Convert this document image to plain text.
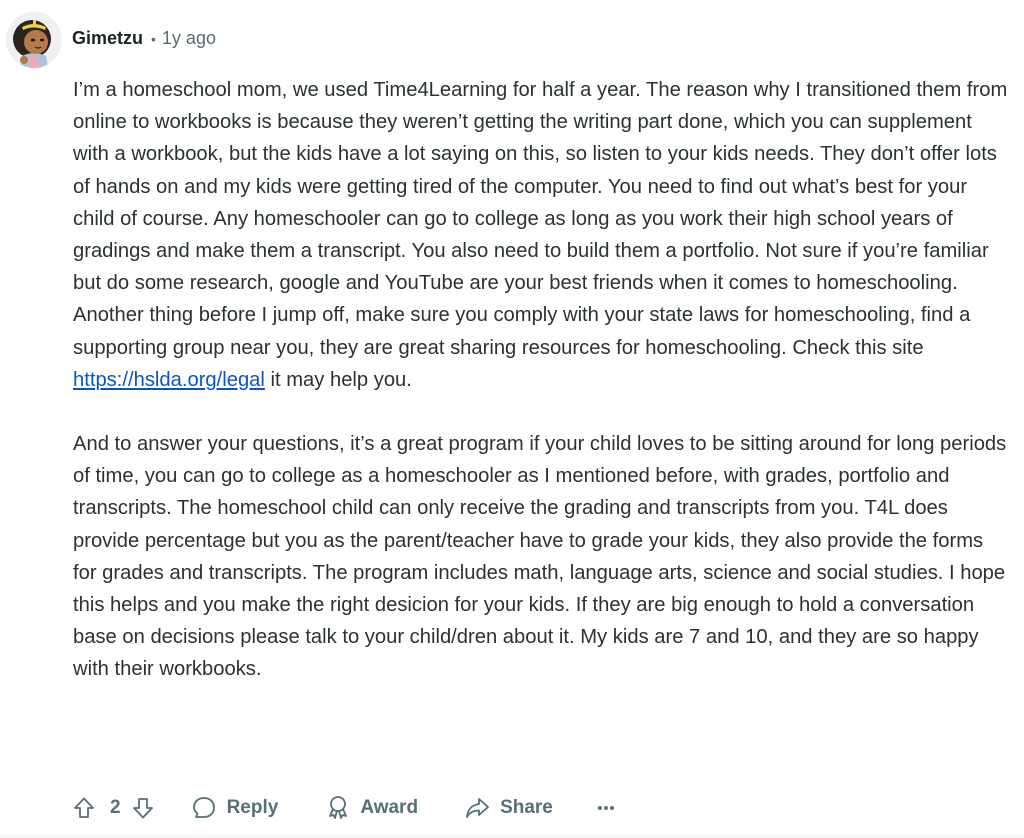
Gimetzu • 1y ago

I’m a homeschool mom, we used Time4Learning for half a year. The reason why I transitioned them from online to workbooks is because they weren’t getting the writing part done, which you can supplement with a workbook, but the kids have a lot saying on this, so listen to your kids needs. They don’t offer lots of hands on and my kids were getting tired of the computer. You need to find out what’s best for your child of course. Any homeschooler can go to college as long as you work their high school years of gradings and make them a transcript. You also need to build them a portfolio. Not sure if you’re familiar but do some research, google and YouTube are your best friends when it comes to homeschooling. Another thing before I jump off, make sure you comply with your state laws for homeschooling, find a supporting group near you, they are great sharing resources for homeschooling. Check this site https://hslda.org/legal it may help you.

And to answer your questions, it’s a great program if your child loves to be sitting around for long periods of time, you can go to college as a homeschooler as I mentioned before, with grades, portfolio and transcripts. The homeschool child can only receive the grading and transcripts from you. T4L does provide percentage but you as the parent/teacher have to grade your kids, they also provide the forms for grades and transcripts. The program includes math, language arts, science and social studies. I hope this helps and you make the right desicion for your kids. If they are big enough to hold a conversation base on decisions please talk to your child/dren about it. My kids are 7 and 10, and they are so happy with their workbooks.

2	Reply	Award	Share
